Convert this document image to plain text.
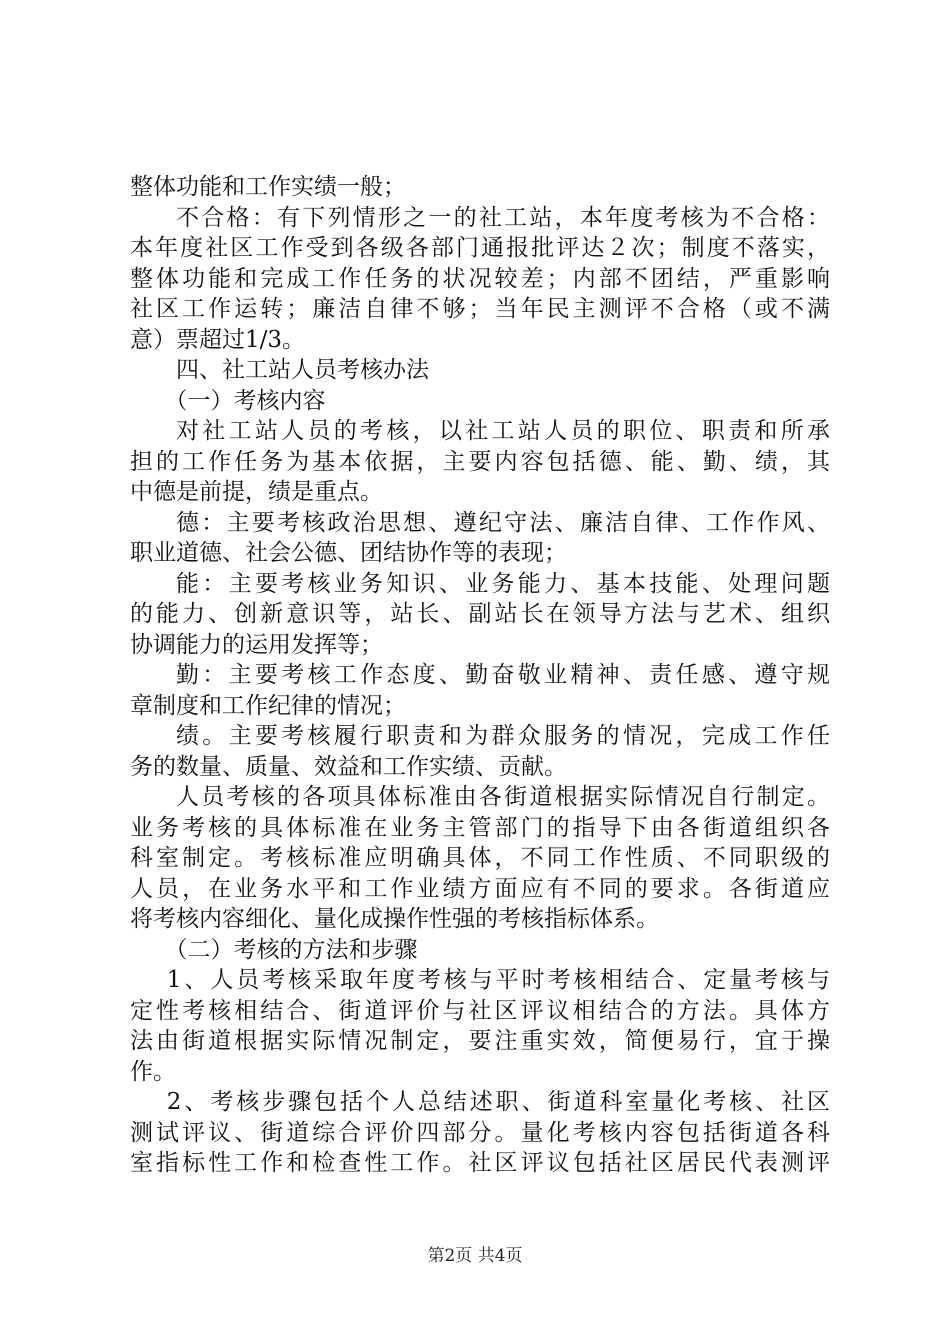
整体功能和工作实绩一般；
不合格：有下列情形之一的社工站，本年度考核为不合格：
本年度社区工作受到各级各部门通报批评达２次；制度不落实，
整体功能和完成工作任务的状况较差；内部不团结，严重影响
社区工作运转；廉洁自律不够；当年民主测评不合格（或不满
意）票超过1/3。
四、社工站人员考核办法
（一）考核内容
对社工站人员的考核，以社工站人员的职位、职责和所承
担的工作任务为基本依据，主要内容包括德、能、勤、绩，其
中德是前提，绩是重点。
德：主要考核政治思想、遵纪守法、廉洁自律、工作作风、
职业道德、社会公德、团结协作等的表现；
能：主要考核业务知识、业务能力、基本技能、处理问题
的能力、创新意识等，站长、副站长在领导方法与艺术、组织
协调能力的运用发挥等；
勤：主要考核工作态度、勤奋敬业精神、责任感、遵守规
章制度和工作纪律的情况；
绩。主要考核履行职责和为群众服务的情况，完成工作任
务的数量、质量、效益和工作实绩、贡献。
人员考核的各项具体标准由各街道根据实际情况自行制定。
业务考核的具体标准在业务主管部门的指导下由各街道组织各
科室制定。考核标准应明确具体，不同工作性质、不同职级的
人员，在业务水平和工作业绩方面应有不同的要求。各街道应
将考核内容细化、量化成操作性强的考核指标体系。
（二）考核的方法和步骤
1、人员考核采取年度考核与平时考核相结合、定量考核与
定性考核相结合、街道评价与社区评议相结合的方法。具体方
法由街道根据实际情况制定，要注重实效，简便易行，宜于操
作。
2、考核步骤包括个人总结述职、街道科室量化考核、社区
测试评议、街道综合评价四部分。量化考核内容包括街道各科
室指标性工作和检查性工作。社区评议包括社区居民代表测评
第2页 共4页
